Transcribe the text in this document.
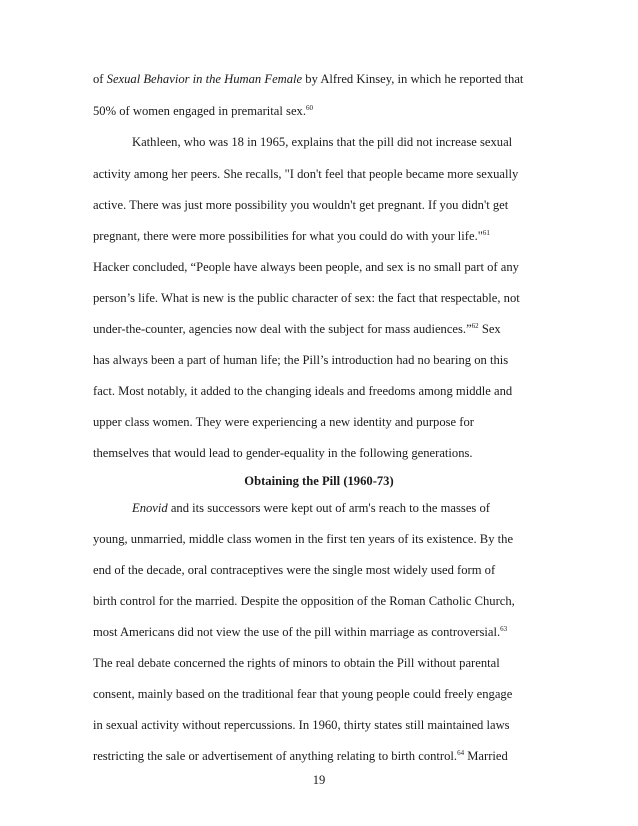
of Sexual Behavior in the Human Female by Alfred Kinsey, in which he reported that
50% of women engaged in premarital sex.$^{60}$
Kathleen, who was 18 in 1965, explains that the pill did not increase sexual
activity among her peers. She recalls, "I don't feel that people became more sexually
active. There was just more possibility you wouldn't get pregnant. If you didn't get
pregnant, there were more possibilities for what you could do with your life."$^{61}$
Hacker concluded, “People have always been people, and sex is no small part of any
person’s life. What is new is the public character of sex: the fact that respectable, not
under-the-counter, agencies now deal with the subject for mass audiences.”$^{62}$ Sex
has always been a part of human life; the Pill’s introduction had no bearing on this
fact. Most notably, it added to the changing ideals and freedoms among middle and
upper class women. They were experiencing a new identity and purpose for
themselves that would lead to gender-equality in the following generations.
Obtaining the Pill (1960-73)
Enovid and its successors were kept out of arm's reach to the masses of
young, unmarried, middle class women in the first ten years of its existence. By the
end of the decade, oral contraceptives were the single most widely used form of
birth control for the married. Despite the opposition of the Roman Catholic Church,
most Americans did not view the use of the pill within marriage as controversial.$^{63}$
The real debate concerned the rights of minors to obtain the Pill without parental
consent, mainly based on the traditional fear that young people could freely engage
in sexual activity without repercussions. In 1960, thirty states still maintained laws
restricting the sale or advertisement of anything relating to birth control.$^{64}$ Married
19
